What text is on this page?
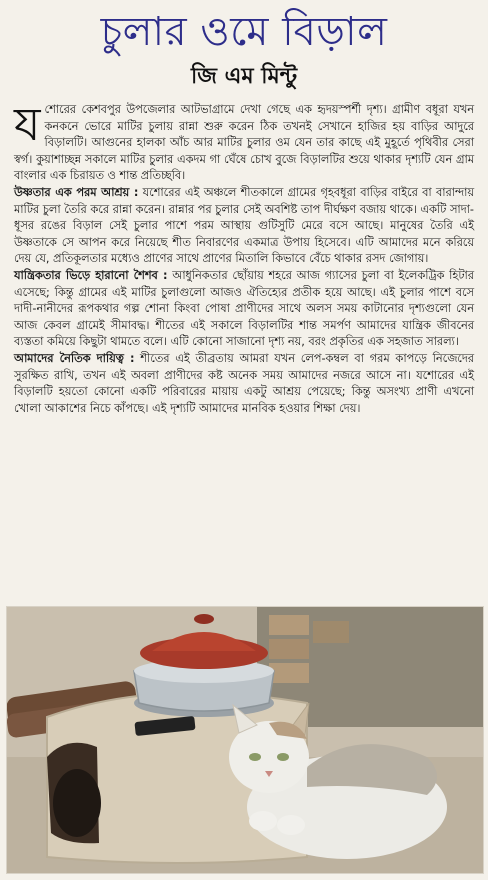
চুলার ওমে বিড়াল
জি এম মিন্টু

যশোরের কেশবপুর উপজেলার আটভাগ্রামে দেখা গেছে এক হৃদয়স্পর্শী দৃশ্য। গ্রামীণ বধূরা যখন কনকনে ভোরে মাটির চুলায় রান্না শুরু করেন ঠিক তখনই সেখানে হাজির হয় বাড়ির আদুরে বিড়ালটি। আগুনের হালকা আঁচ আর মাটির চুলার ওম যেন তার কাছে এই মুহূর্তে পৃথিবীর সেরা স্বর্গ। কুয়াশাচ্ছন্ন সকালে মাটির চুলার একদম গা ঘেঁষে চোখ বুজে বিড়ালটির শুয়ে থাকার দৃশ্যটি যেন গ্রাম বাংলার এক চিরায়ত ও শান্ত প্রতিচ্ছবি।

উষ্ণতার এক পরম আশ্রয় : যশোরের এই অঞ্চলে শীতকালে গ্রামের গৃহবধূরা বাড়ির বাইরে বা বারান্দায় মাটির চুলা তৈরি করে রান্না করেন। রান্নার পর চুলার সেই অবশিষ্ট তাপ দীর্ঘক্ষণ বজায় থাকে। একটি সাদা-ধূসর রঙের বিড়াল সেই চুলার পাশে পরম আস্থায় গুটিসুটি মেরে বসে আছে। মানুষের তৈরি এই উষ্ণতাকে সে আপন করে নিয়েছে শীত নিবারণের একমাত্র উপায় হিসেবে। এটি আমাদের মনে করিয়ে দেয় যে, প্রতিকূলতার মধ্যেও প্রাণের সাথে প্রাণের মিতালি কিভাবে বেঁচে থাকার রসদ জোগায়।

যান্ত্রিকতার ভিড়ে হারানো শৈশব : আধুনিকতার ছোঁয়ায় শহরে আজ গ্যাসের চুলা বা ইলেকট্রিক হিটার এসেছে; কিন্তু গ্রামের এই মাটির চুলাগুলো আজও ঐতিহ্যের প্রতীক হয়ে আছে। এই চুলার পাশে বসে দাদী-নানীদের রূপকথার গল্প শোনা কিংবা পোষা প্রাণীদের সাথে অলস সময় কাটানোর দৃশ্যগুলো যেন আজ কেবল গ্রামেই সীমাবদ্ধ। শীতের এই সকালে বিড়ালটির শান্ত সমর্পণ আমাদের যান্ত্রিক জীবনের ব্যস্ততা কমিয়ে কিছুটা থামতে বলে। এটি কোনো সাজানো দৃশ্য নয়, বরং প্রকৃতির এক সহজাত সারল্য।

আমাদের নৈতিক দায়িত্ব : শীতের এই তীব্রতায় আমরা যখন লেপ-কম্বল বা গরম কাপড়ে নিজেদের সুরক্ষিত রাখি, তখন এই অবলা প্রাণীদের কষ্ট অনেক সময় আমাদের নজরে আসে না। যশোরের এই বিড়ালটি হয়তো কোনো একটি পরিবারের মায়ায় একটু আশ্রয় পেয়েছে; কিন্তু অসংখ্য প্রাণী এখনো খোলা আকাশের নিচে কাঁপছে। এই দৃশ্যটি আমাদের মানবিক হওয়ার শিক্ষা দেয়।
